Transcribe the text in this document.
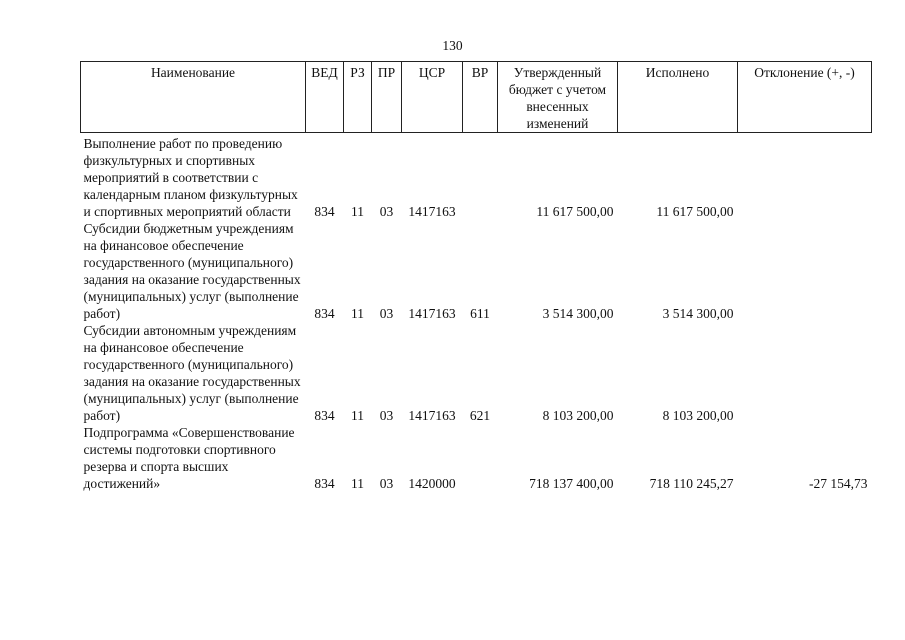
130
Наименование	ВЕД	РЗ	ПР	ЦСР	ВР	Утвержденный бюджет с учетом внесенных изменений	Исполнено	Отклонение (+, -)
Выполнение работ по проведению физкультурных и спортивных мероприятий в соответствии с календарным планом физкультурных и спортивных мероприятий области	834	11	03	1417163		11 617 500,00	11 617 500,00	
Субсидии бюджетным учреждениям на финансовое обеспечение государственного (муниципального) задания на оказание государственных (муниципальных) услуг (выполнение работ)	834	11	03	1417163	611	3 514 300,00	3 514 300,00	
Субсидии автономным учреждениям на финансовое обеспечение государственного (муниципального) задания на оказание государственных (муниципальных) услуг (выполнение работ)	834	11	03	1417163	621	8 103 200,00	8 103 200,00	
Подпрограмма «Совершенствование системы подготовки спортивного резерва и спорта высших достижений»	834	11	03	1420000		718 137 400,00	718 110 245,27	-27 154,73
